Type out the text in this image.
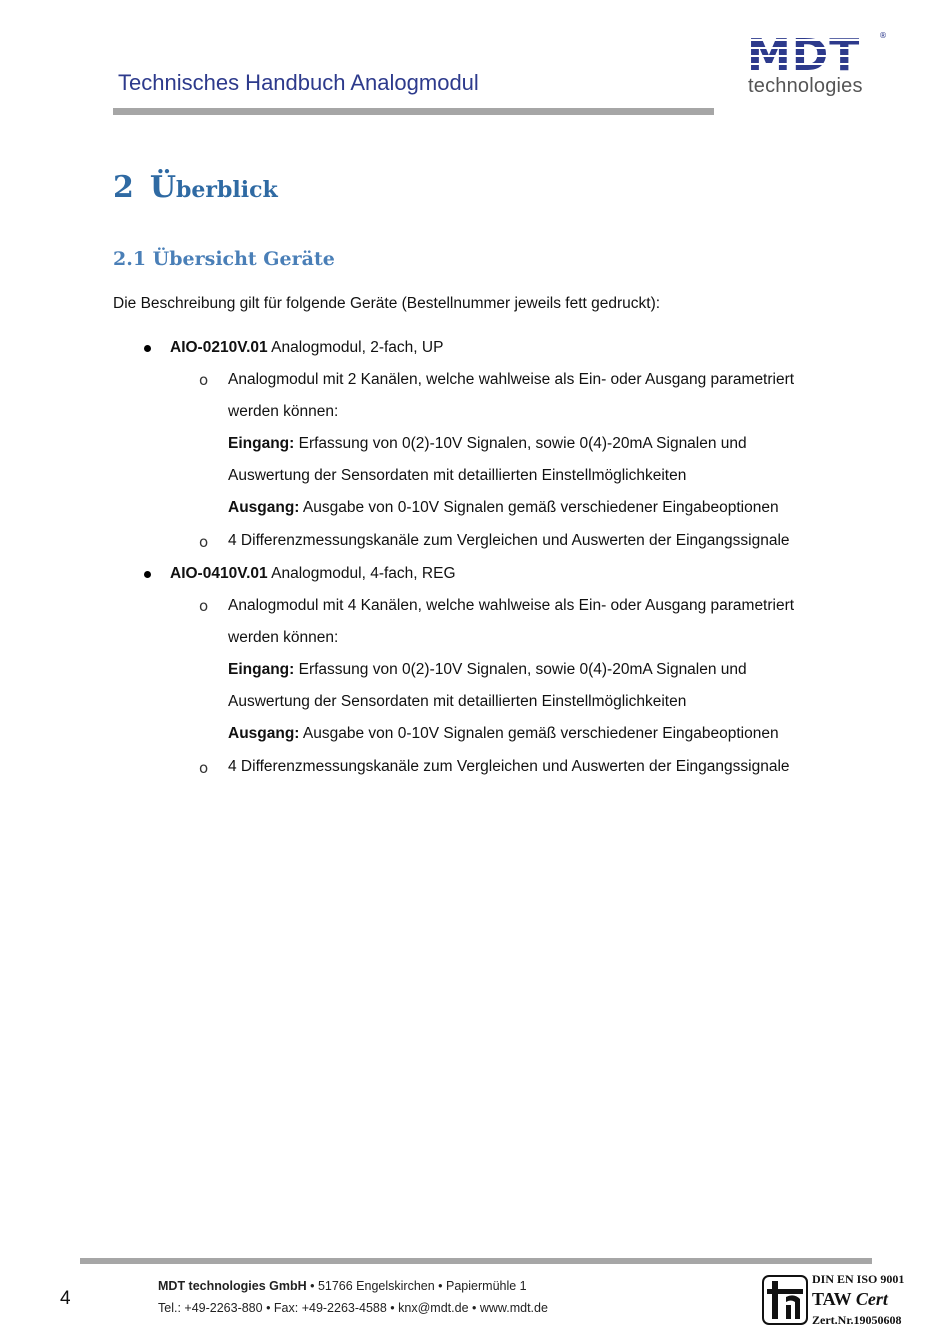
Technisches Handbuch Analogmodul
MDT ®
technologies
2 Überblick
2.1 Übersicht Geräte
Die Beschreibung gilt für folgende Geräte (Bestellnummer jeweils fett gedruckt):
AIO-0210V.01 Analogmodul, 2-fach, UP
o Analogmodul mit 2 Kanälen, welche wahlweise als Ein- oder Ausgang parametriert
werden können:
Eingang: Erfassung von 0(2)-10V Signalen, sowie 0(4)-20mA Signalen und
Auswertung der Sensordaten mit detaillierten Einstellmöglichkeiten
Ausgang: Ausgabe von 0-10V Signalen gemäß verschiedener Eingabeoptionen
o 4 Differenzmessungskanäle zum Vergleichen und Auswerten der Eingangssignale
AIO-0410V.01 Analogmodul, 4-fach, REG
o Analogmodul mit 4 Kanälen, welche wahlweise als Ein- oder Ausgang parametriert
werden können:
Eingang: Erfassung von 0(2)-10V Signalen, sowie 0(4)-20mA Signalen und
Auswertung der Sensordaten mit detaillierten Einstellmöglichkeiten
Ausgang: Ausgabe von 0-10V Signalen gemäß verschiedener Eingabeoptionen
o 4 Differenzmessungskanäle zum Vergleichen und Auswerten der Eingangssignale
4
MDT technologies GmbH • 51766 Engelskirchen • Papiermühle 1
Tel.: +49-2263-880 • Fax: +49-2263-4588 • knx@mdt.de • www.mdt.de
DIN EN ISO 9001
TAW Cert
Zert.Nr.19050608
